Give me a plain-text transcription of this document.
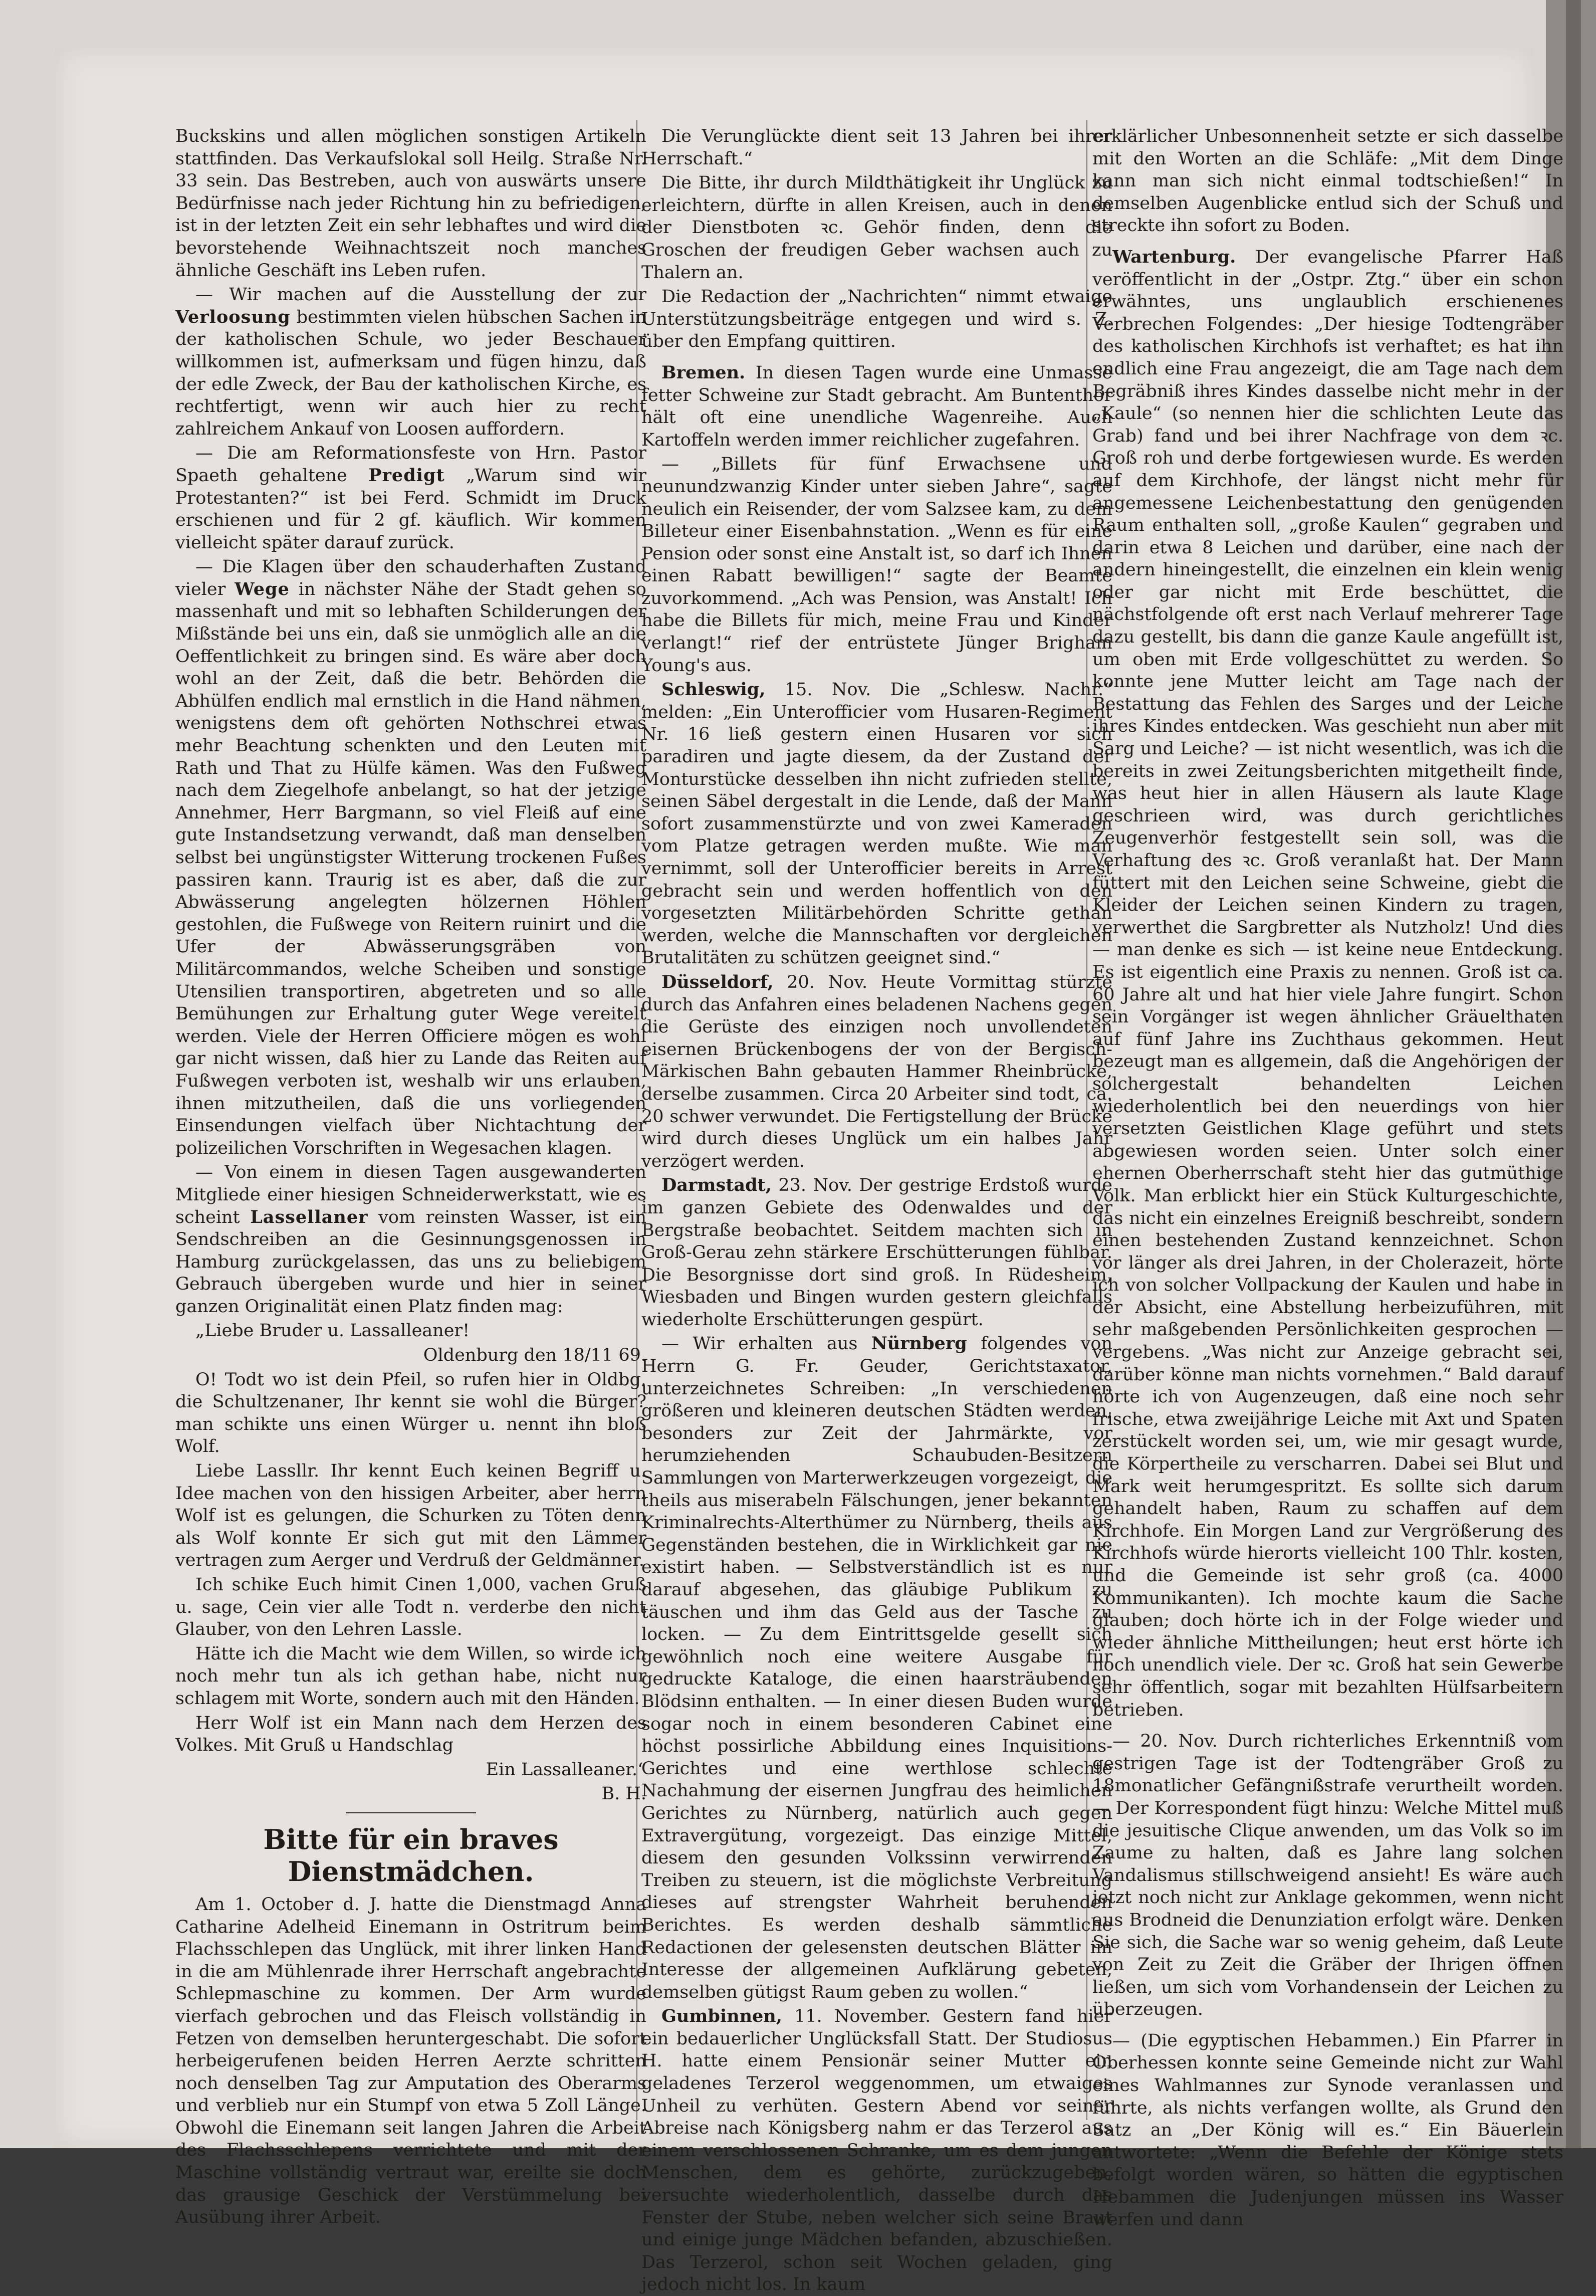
Buckskins und allen möglichen sonstigen Artikeln stattfinden. Das Verkaufslokal soll Heilg. Straße Nr. 33 sein. Das Bestreben, auch von auswärts unsere Bedürfnisse nach jeder Richtung hin zu befriedigen, ist in der letzten Zeit ein sehr lebhaftes und wird die bevorstehende Weihnachtszeit noch manches ähnliche Geschäft ins Leben rufen.

— Wir machen auf die Ausstellung der zur Verloosung bestimmten vielen hübschen Sachen in der katholischen Schule, wo jeder Beschauer willkommen ist, aufmerksam und fügen hinzu, daß der edle Zweck, der Bau der katholischen Kirche, es rechtfertigt, wenn wir auch hier zu recht zahlreichem Ankauf von Loosen auffordern.

— Die am Reformationsfeste von Hrn. Pastor Spaeth gehaltene Predigt „Warum sind wir Protestanten?“ ist bei Ferd. Schmidt im Druck erschienen und für 2 gf. käuflich. Wir kommen vielleicht später darauf zurück.

— Die Klagen über den schauderhaften Zustand vieler Wege in nächster Nähe der Stadt gehen so massenhaft und mit so lebhaften Schilderungen der Mißstände bei uns ein, daß sie unmöglich alle an die Oeffentlichkeit zu bringen sind. Es wäre aber doch wohl an der Zeit, daß die betr. Behörden die Abhülfen endlich mal ernstlich in die Hand nähmen, wenigstens dem oft gehörten Nothschrei etwas mehr Beachtung schenkten und den Leuten mit Rath und That zu Hülfe kämen. Was den Fußweg nach dem Ziegelhofe anbelangt, so hat der jetzige Annehmer, Herr Bargmann, so viel Fleiß auf eine gute Instandsetzung verwandt, daß man denselben selbst bei ungünstigster Witterung trockenen Fußes passiren kann. Traurig ist es aber, daß die zur Abwässerung angelegten hölzernen Höhlen gestohlen, die Fußwege von Reitern ruinirt und die Ufer der Abwässerungsgräben von Militärcommandos, welche Scheiben und sonstige Utensilien transportiren, abgetreten und so alle Bemühungen zur Erhaltung guter Wege vereitelt werden. Viele der Herren Officiere mögen es wohl gar nicht wissen, daß hier zu Lande das Reiten auf Fußwegen verboten ist, weshalb wir uns erlauben, ihnen mitzutheilen, daß die uns vorliegenden Einsendungen vielfach über Nichtachtung der polizeilichen Vorschriften in Wegesachen klagen.

— Von einem in diesen Tagen ausgewanderten Mitgliede einer hiesigen Schneiderwerkstatt, wie es scheint Lassellaner vom reinsten Wasser, ist ein Sendschreiben an die Gesinnungsgenossen in Hamburg zurückgelassen, das uns zu beliebigem Gebrauch übergeben wurde und hier in seiner ganzen Originalität einen Platz finden mag:

„Liebe Bruder u. Lassalleaner!

Oldenburg den 18/11 69.

O! Todt wo ist dein Pfeil, so rufen hier in Oldbg. die Schultzenaner, Ihr kennt sie wohl die Bürger? man schikte uns einen Würger u. nennt ihn bloß Wolf.

Liebe Lassllr. Ihr kennt Euch keinen Begriff u. Idee machen von den hissigen Arbeiter, aber herrn Wolf ist es gelungen, die Schurken zu Töten denn als Wolf konnte Er sich gut mit den Lämmer vertragen zum Aerger und Verdruß der Geldmänner.

Ich schike Euch himit Cinen 1,000, vachen Gruß u. sage, Cein vier alle Todt n. verderbe den nicht Glauber, von den Lehren Lassle.

Hätte ich die Macht wie dem Willen, so wirde ich noch mehr tun als ich gethan habe, nicht nur schlagem mit Worte, sondern auch mit den Händen.

Herr Wolf ist ein Mann nach dem Herzen des Volkes. Mit Gruß u Handschlag

Ein Lassalleaner.“

B. H.

Bitte für ein braves Dienstmädchen.

Am 1. October d. J. hatte die Dienstmagd Anna Catharine Adelheid Einemann in Ostritrum beim Flachsschlepen das Unglück, mit ihrer linken Hand in die am Mühlenrade ihrer Herrschaft angebrachte Schlepmaschine zu kommen. Der Arm wurde vierfach gebrochen und das Fleisch vollständig in Fetzen von demselben heruntergeschabt. Die sofort herbeigerufenen beiden Herren Aerzte schritten noch denselben Tag zur Amputation des Oberarms und verblieb nur ein Stumpf von etwa 5 Zoll Länge. Obwohl die Einemann seit langen Jahren die Arbeit des Flachsschlepens verrichtete und mit der Maschine vollständig vertraut war, ereilte sie doch das grausige Geschick der Verstümmelung bei Ausübung ihrer Arbeit.

Die Verunglückte dient seit 13 Jahren bei ihrer Herrschaft.“

Die Bitte, ihr durch Mildthätigkeit ihr Unglück zu erleichtern, dürfte in allen Kreisen, auch in denen der Dienstboten ꝛc. Gehör finden, denn die Groschen der freudigen Geber wachsen auch zu Thalern an.

Die Redaction der „Nachrichten“ nimmt etwaige Unterstützungsbeiträge entgegen und wird s. Z. über den Empfang quittiren.

Bremen. In diesen Tagen wurde eine Unmasse fetter Schweine zur Stadt gebracht. Am Buntenthor hält oft eine unendliche Wagenreihe. Auch Kartoffeln werden immer reichlicher zugefahren.

— „Billets für fünf Erwachsene und neunundzwanzig Kinder unter sieben Jahre“, sagte neulich ein Reisender, der vom Salzsee kam, zu dem Billeteur einer Eisenbahnstation. „Wenn es für eine Pension oder sonst eine Anstalt ist, so darf ich Ihnen einen Rabatt bewilligen!“ sagte der Beamte zuvorkommend. „Ach was Pension, was Anstalt! Ich habe die Billets für mich, meine Frau und Kinder verlangt!“ rief der entrüstete Jünger Brigham Young's aus.

Schleswig, 15. Nov. Die „Schlesw. Nachr.“ melden: „Ein Unterofficier vom Husaren-Regiment Nr. 16 ließ gestern einen Husaren vor sich paradiren und jagte diesem, da der Zustand der Monturstücke desselben ihn nicht zufrieden stellte, seinen Säbel dergestalt in die Lende, daß der Mann sofort zusammenstürzte und von zwei Kameraden vom Platze getragen werden mußte. Wie man vernimmt, soll der Unterofficier bereits in Arrest gebracht sein und werden hoffentlich von den vorgesetzten Militärbehörden Schritte gethan werden, welche die Mannschaften vor dergleichen Brutalitäten zu schützen geeignet sind.“

Düsseldorf, 20. Nov. Heute Vormittag stürzte durch das Anfahren eines beladenen Nachens gegen die Gerüste des einzigen noch unvollendeten eisernen Brückenbogens der von der Bergisch-Märkischen Bahn gebauten Hammer Rheinbrücke, derselbe zusammen. Circa 20 Arbeiter sind todt, ca. 20 schwer verwundet. Die Fertigstellung der Brücke wird durch dieses Unglück um ein halbes Jahr verzögert werden.

Darmstadt, 23. Nov. Der gestrige Erdstoß wurde im ganzen Gebiete des Odenwaldes und der Bergstraße beobachtet. Seitdem machten sich in Groß-Gerau zehn stärkere Erschütterungen fühlbar. Die Besorgnisse dort sind groß. In Rüdesheim, Wiesbaden und Bingen wurden gestern gleichfalls wiederholte Erschütterungen gespürt.

— Wir erhalten aus Nürnberg folgendes von Herrn G. Fr. Geuder, Gerichtstaxator, unterzeichnetes Schreiben: „In verschiedenen größeren und kleineren deutschen Städten werden, besonders zur Zeit der Jahrmärkte, vor herumziehenden Schaubuden-Besitzern Sammlungen von Marterwerkzeugen vorgezeigt, die theils aus miserabeln Fälschungen, jener bekannten Kriminalrechts-Alterthümer zu Nürnberg, theils aus Gegenständen bestehen, die in Wirklichkeit gar nie existirt haben. — Selbstverständlich ist es nur darauf abgesehen, das gläubige Publikum zu täuschen und ihm das Geld aus der Tasche zu locken. — Zu dem Eintrittsgelde gesellt sich gewöhnlich noch eine weitere Ausgabe für gedruckte Kataloge, die einen haarsträubenden Blödsinn enthalten. — In einer diesen Buden wurde sogar noch in einem besonderen Cabinet eine höchst possirliche Abbildung eines Inquisitions-Gerichtes und eine werthlose schlechte Nachahmung der eisernen Jungfrau des heimlichen Gerichtes zu Nürnberg, natürlich auch gegen Extravergütung, vorgezeigt. Das einzige Mittel, diesem den gesunden Volkssinn verwirrenden Treiben zu steuern, ist die möglichste Verbreitung dieses auf strengster Wahrheit beruhenden Berichtes. Es werden deshalb sämmtliche Redactionen der gelesensten deutschen Blätter im Interesse der allgemeinen Aufklärung gebeten, demselben gütigst Raum geben zu wollen.“

Gumbinnen, 11. November. Gestern fand hier ein bedauerlicher Unglücksfall Statt. Der Studiosus H. hatte einem Pensionär seiner Mutter ein geladenes Terzerol weggenommen, um etwaiges Unheil zu verhüten. Gestern Abend vor seiner Abreise nach Königsberg nahm er das Terzerol aus einem verschlossenen Schranke, um es dem jungen Menschen, dem es gehörte, zurückzugeben, versuchte wiederholentlich, dasselbe durch das Fenster der Stube, neben welcher sich seine Braut und einige junge Mädchen befanden, abzuschießen. Das Terzerol, schon seit Wochen geladen, ging jedoch nicht los. In kaum

erklärlicher Unbesonnenheit setzte er sich dasselbe mit den Worten an die Schläfe: „Mit dem Dinge kann man sich nicht einmal todtschießen!“ In demselben Augenblicke entlud sich der Schuß und streckte ihn sofort zu Boden.

Wartenburg. Der evangelische Pfarrer Haß veröffentlicht in der „Ostpr. Ztg.“ über ein schon erwähntes, uns unglaublich erschienenes Verbrechen Folgendes: „Der hiesige Todtengräber des katholischen Kirchhofs ist verhaftet; es hat ihn endlich eine Frau angezeigt, die am Tage nach dem Begräbniß ihres Kindes dasselbe nicht mehr in der „Kaule“ (so nennen hier die schlichten Leute das Grab) fand und bei ihrer Nachfrage von dem ꝛc. Groß roh und derbe fortgewiesen wurde. Es werden auf dem Kirchhofe, der längst nicht mehr für angemessene Leichenbestattung den genügenden Raum enthalten soll, „große Kaulen“ gegraben und darin etwa 8 Leichen und darüber, eine nach der andern hineingestellt, die einzelnen ein klein wenig oder gar nicht mit Erde beschüttet, die nächstfolgende oft erst nach Verlauf mehrerer Tage dazu gestellt, bis dann die ganze Kaule angefüllt ist, um oben mit Erde vollgeschüttet zu werden. So konnte jene Mutter leicht am Tage nach der Bestattung das Fehlen des Sarges und der Leiche ihres Kindes entdecken. Was geschieht nun aber mit Sarg und Leiche? — ist nicht wesentlich, was ich die bereits in zwei Zeitungsberichten mitgetheilt finde, was heut hier in allen Häusern als laute Klage geschrieen wird, was durch gerichtliches Zeugenverhör festgestellt sein soll, was die Verhaftung des ꝛc. Groß veranlaßt hat. Der Mann füttert mit den Leichen seine Schweine, giebt die Kleider der Leichen seinen Kindern zu tragen, verwerthet die Sargbretter als Nutzholz! Und dies — man denke es sich — ist keine neue Entdeckung. Es ist eigentlich eine Praxis zu nennen. Groß ist ca. 60 Jahre alt und hat hier viele Jahre fungirt. Schon sein Vorgänger ist wegen ähnlicher Gräuelthaten auf fünf Jahre ins Zuchthaus gekommen. Heut bezeugt man es allgemein, daß die Angehörigen der solchergestalt behandelten Leichen wiederholentlich bei den neuerdings von hier versetzten Geistlichen Klage geführt und stets abgewiesen worden seien. Unter solch einer ehernen Oberherrschaft steht hier das gutmüthige Volk. Man erblickt hier ein Stück Kulturgeschichte, das nicht ein einzelnes Ereigniß beschreibt, sondern einen bestehenden Zustand kennzeichnet. Schon vor länger als drei Jahren, in der Cholerazeit, hörte ich von solcher Vollpackung der Kaulen und habe in der Absicht, eine Abstellung herbeizuführen, mit sehr maßgebenden Persönlichkeiten gesprochen — vergebens. „Was nicht zur Anzeige gebracht sei, darüber könne man nichts vornehmen.“ Bald darauf hörte ich von Augenzeugen, daß eine noch sehr frische, etwa zweijährige Leiche mit Axt und Spaten zerstückelt worden sei, um, wie mir gesagt wurde, die Körpertheile zu verscharren. Dabei sei Blut und Mark weit herumgespritzt. Es sollte sich darum gehandelt haben, Raum zu schaffen auf dem Kirchhofe. Ein Morgen Land zur Vergrößerung des Kirchhofs würde hierorts vielleicht 100 Thlr. kosten, und die Gemeinde ist sehr groß (ca. 4000 Kommunikanten). Ich mochte kaum die Sache glauben; doch hörte ich in der Folge wieder und wieder ähnliche Mittheilungen; heut erst hörte ich noch unendlich viele. Der ꝛc. Groß hat sein Gewerbe sehr öffentlich, sogar mit bezahlten Hülfsarbeitern betrieben.

— 20. Nov. Durch richterliches Erkenntniß vom gestrigen Tage ist der Todtengräber Groß zu 18monatlicher Gefängnißstrafe verurtheilt worden. — Der Korrespondent fügt hinzu: Welche Mittel muß die jesuitische Clique anwenden, um das Volk so im Zaume zu halten, daß es Jahre lang solchen Vandalismus stillschweigend ansieht! Es wäre auch jetzt noch nicht zur Anklage gekommen, wenn nicht aus Brodneid die Denunziation erfolgt wäre. Denken Sie sich, die Sache war so wenig geheim, daß Leute von Zeit zu Zeit die Gräber der Ihrigen öffnen ließen, um sich vom Vorhandensein der Leichen zu überzeugen.

— (Die egyptischen Hebammen.) Ein Pfarrer in Oberhessen konnte seine Gemeinde nicht zur Wahl eines Wahlmannes zur Synode veranlassen und führte, als nichts verfangen wollte, als Grund den Satz an „Der König will es.“ Ein Bäuerlein antwortete: „Wenn die Befehle der Könige stets befolgt worden wären, so hätten die egyptischen Hebammen die Judenjungen müssen ins Wasser werfen und dann
